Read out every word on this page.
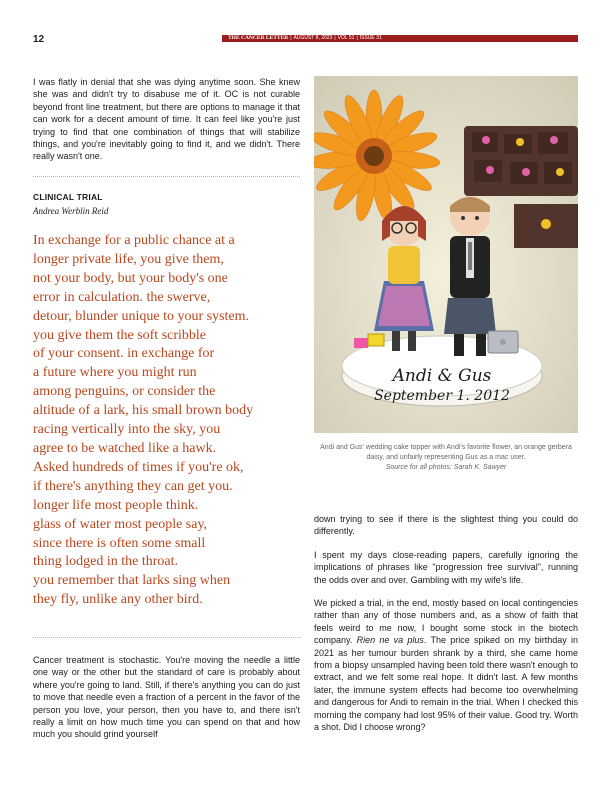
12	THE CANCER LETTER | AUGUST 8, 2023 | VOL 51 | ISSUE 31

I was flatly in denial that she was dying anytime soon. She knew she was and didn't try to disabuse me of it. OC is not curable beyond front line treatment, but there are options to manage it that can work for a decent amount of time. It can feel like you're just trying to find that one combination of things that will stabilize things, and you're inevitably going to find it, and we didn't. There really wasn't one.

CLINICAL TRIAL
Andrea Werblin Reid
In exchange for a public chance at a
longer private life, you give them,
not your body, but your body's one
error in calculation. the swerve,
detour, blunder unique to your system.
you give them the soft scribble
of your consent. in exchange for
a future where you might run
among penguins, or consider the
altitude of a lark, his small brown body
racing vertically into the sky, you
agree to be watched like a hawk.
Asked hundreds of times if you're ok,
if there's anything they can get you.
longer life most people think.
glass of water most people say,
since there is often some small
thing lodged in the throat.
you remember that larks sing when
they fly, unlike any other bird.

Cancer treatment is stochastic. You're moving the needle a little one way or the other but the standard of care is probably about where you're going to land. Still, if there's anything you can do just to move that needle even a fraction of a percent in the favor of the person you love, your person, then you have to, and there isn't really a limit on how much time you can spend on that and how much you should grind yourself

Andi & Gus
September 1. 2012
Andi and Gus' wedding cake topper with Andi's favorite flower, an orange gerbera daisy, and unfairly representing Gus as a mac user.
Source for all photos: Sarah K. Sawyer

down trying to see if there is the slightest thing you could do differently.

I spent my days close-reading papers, carefully ignoring the implications of phrases like "progression free survival", running the odds over and over. Gambling with my wife's life.

We picked a trial, in the end, mostly based on local contingencies rather than any of those numbers and, as a show of faith that feels weird to me now, I bought some stock in the biotech company. Rien ne va plus. The price spiked on my birthday in 2021 as her tumour burden shrank by a third, she came home from a biopsy unsampled having been told there wasn't enough to extract, and we felt some real hope. It didn't last. A few months later, the immune system effects had become too overwhelming and dangerous for Andi to remain in the trial. When I checked this morning the company had lost 95% of their value. Good try. Worth a shot. Did I choose wrong?
